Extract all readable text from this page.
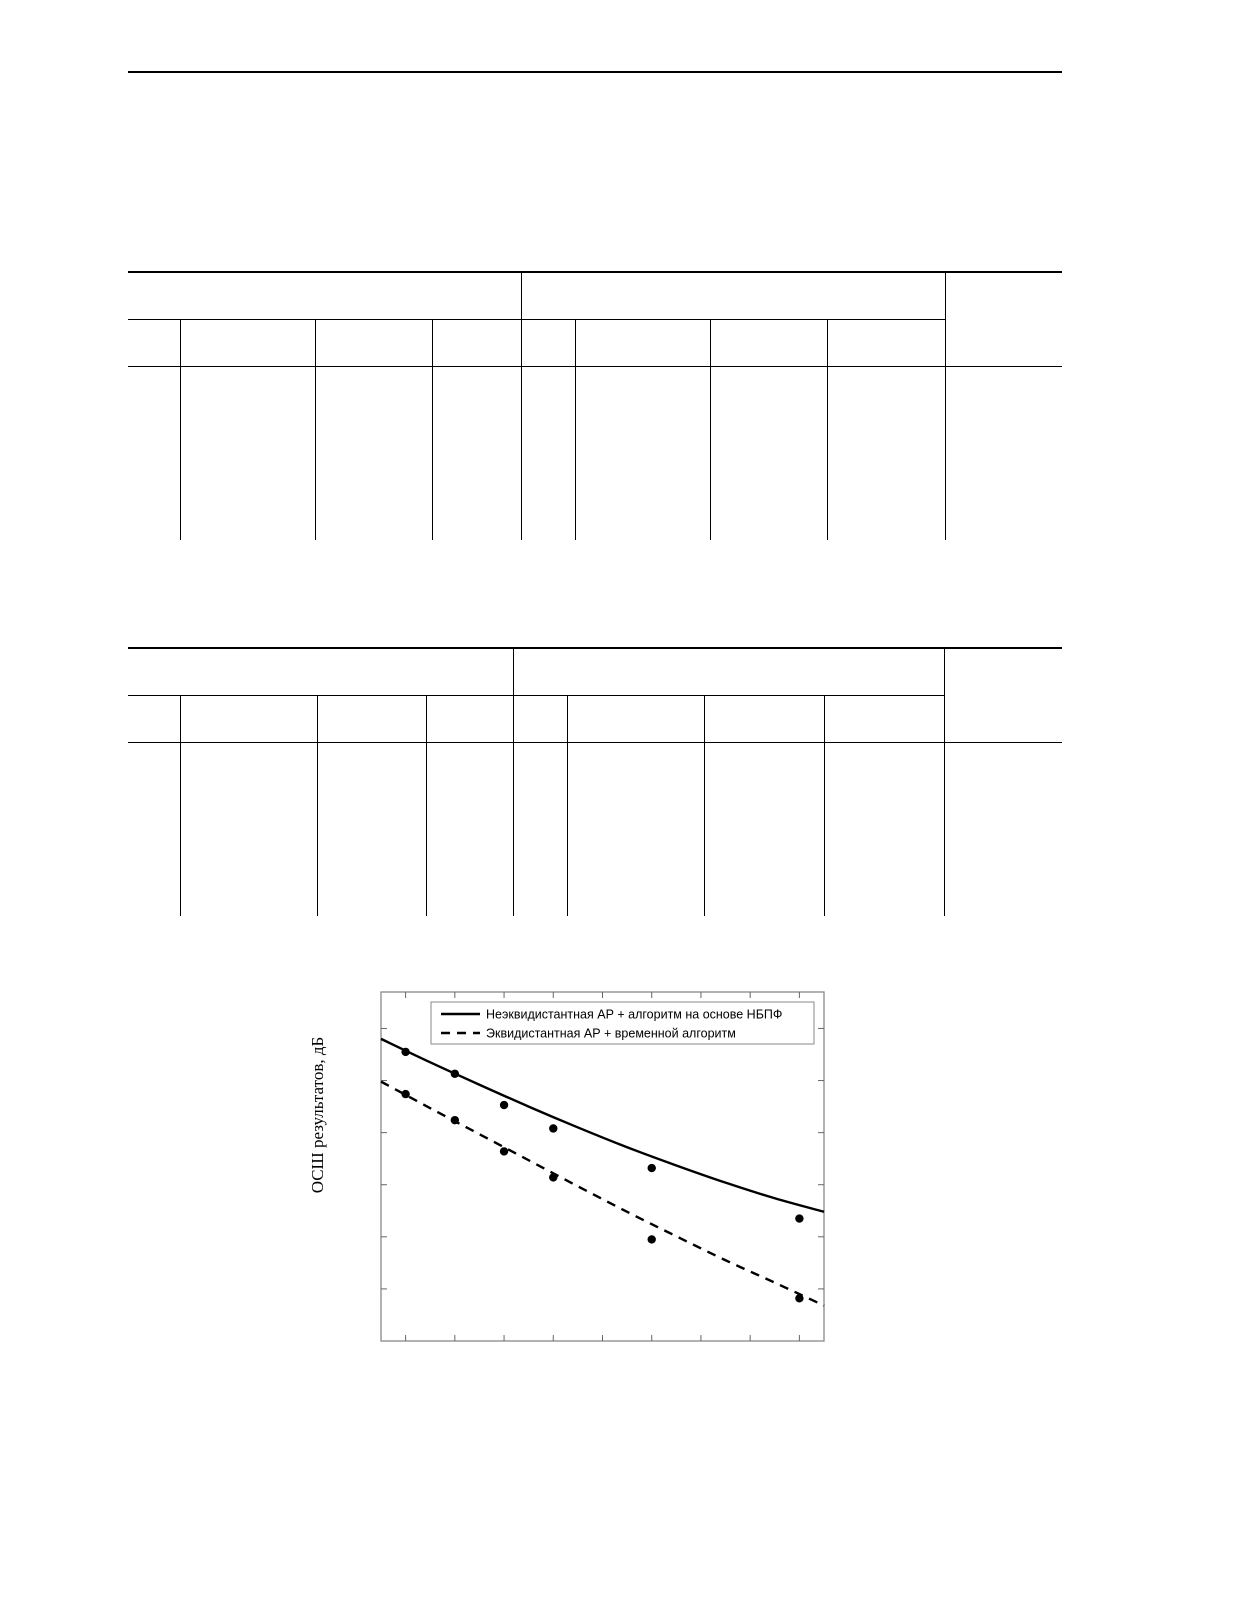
ОСШ результатов, дБ
Неэквидистантная АР + алгоритм на основе НБПФ
Эквидистантная АР + временной алгоритм
